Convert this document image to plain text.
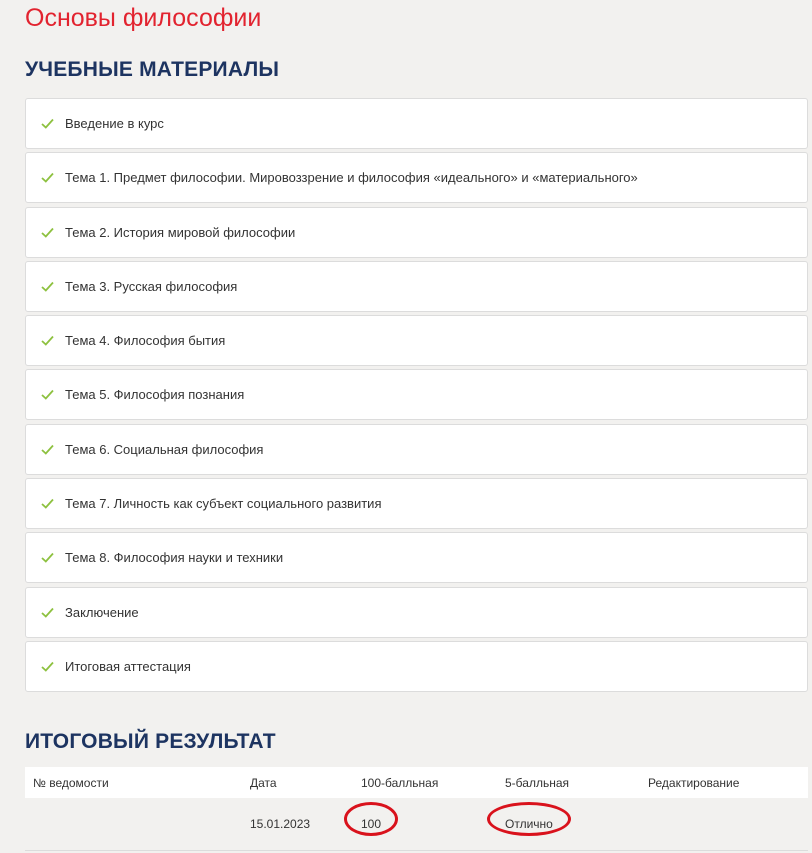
Основы философии
УЧЕБНЫЕ МАТЕРИАЛЫ
Введение в курс
Тема 1. Предмет философии. Мировоззрение и философия «идеального» и «материального»
Тема 2. История мировой философии
Тема 3. Русская философия
Тема 4. Философия бытия
Тема 5. Философия познания
Тема 6. Социальная философия
Тема 7. Личность как субъект социального развития
Тема 8. Философия науки и техники
Заключение
Итоговая аттестация
ИТОГОВЫЙ РЕЗУЛЬТАТ
№ ведомости	Дата	100-балльная	5-балльная	Редактирование
	15.01.2023	100	Отлично
